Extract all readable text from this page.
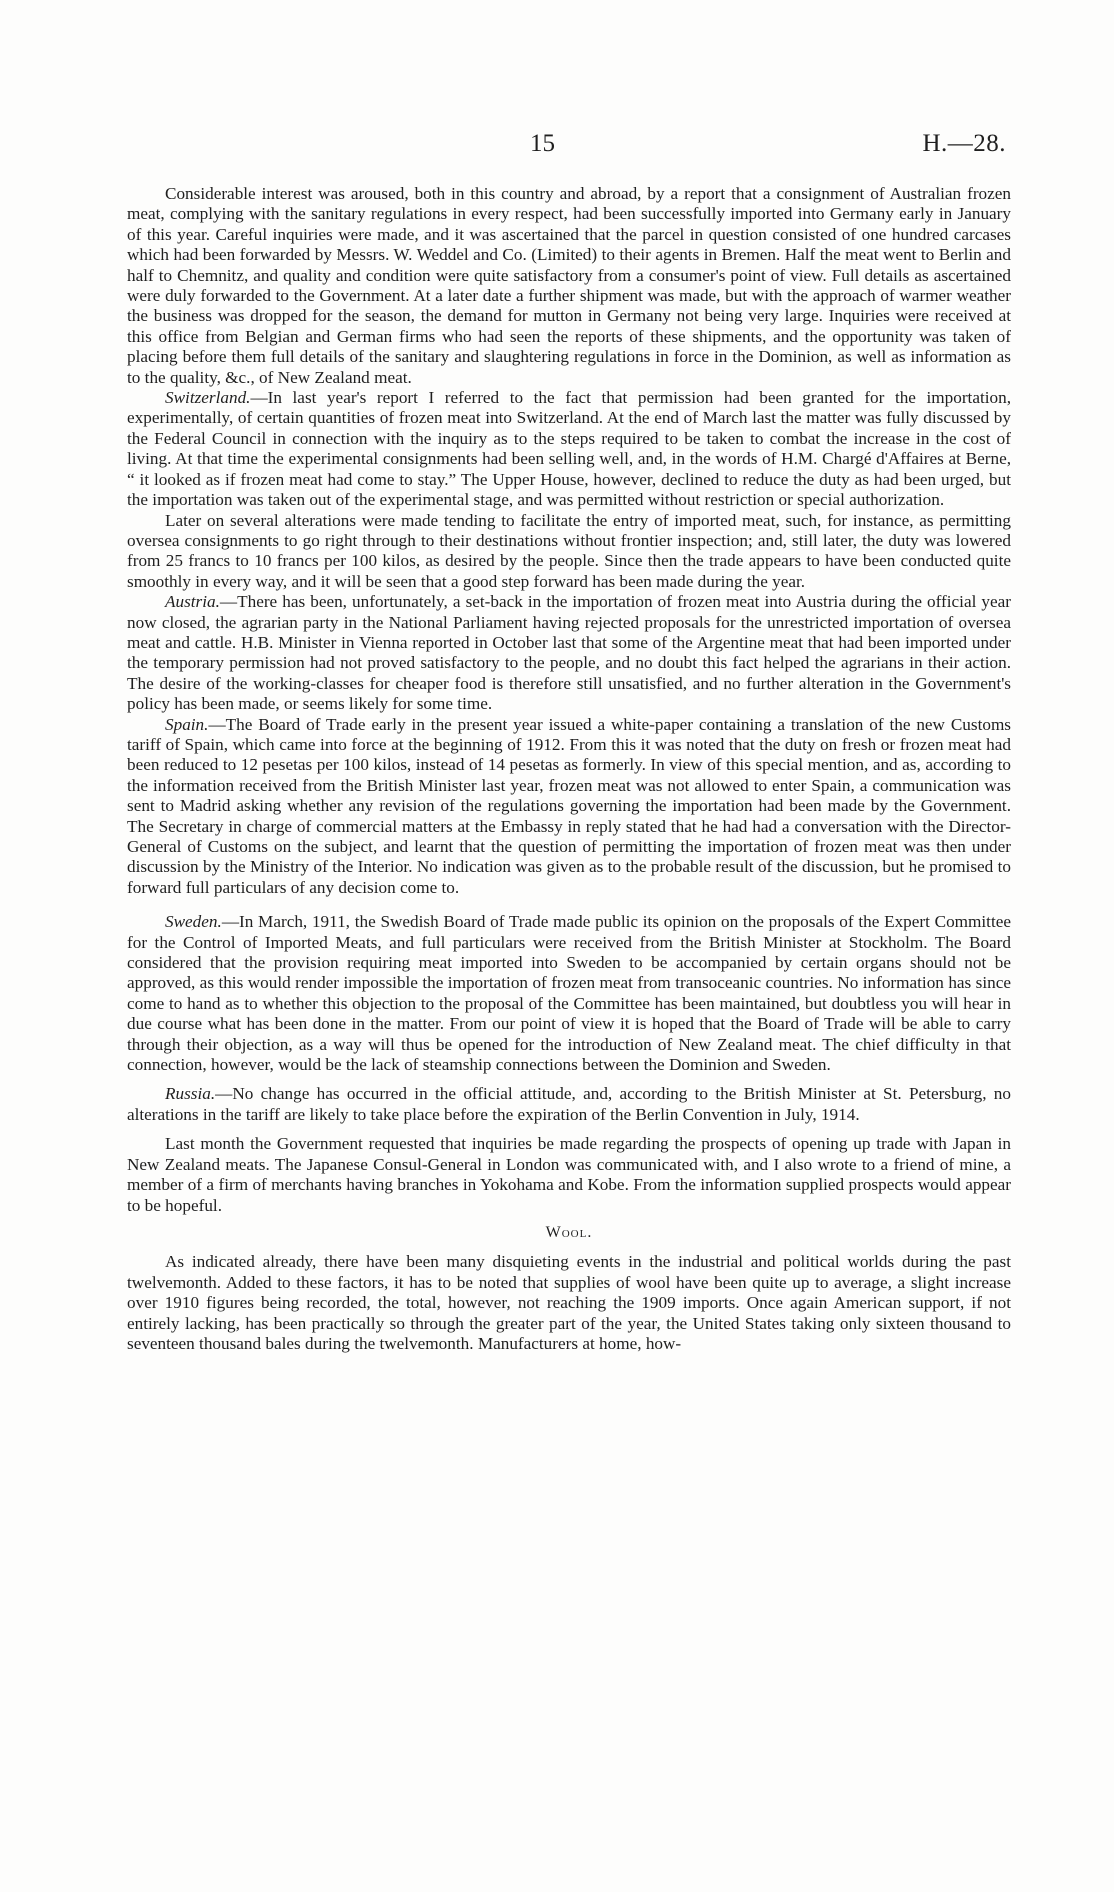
15	H.—28.

Considerable interest was aroused, both in this country and abroad, by a report that a consignment of Australian frozen meat, complying with the sanitary regulations in every respect, had been successfully imported into Germany early in January of this year. Careful inquiries were made, and it was ascertained that the parcel in question consisted of one hundred carcases which had been forwarded by Messrs. W. Weddel and Co. (Limited) to their agents in Bremen. Half the meat went to Berlin and half to Chemnitz, and quality and condition were quite satisfactory from a consumer's point of view. Full details as ascertained were duly forwarded to the Government. At a later date a further shipment was made, but with the approach of warmer weather the business was dropped for the season, the demand for mutton in Germany not being very large. Inquiries were received at this office from Belgian and German firms who had seen the reports of these shipments, and the opportunity was taken of placing before them full details of the sanitary and slaughtering regulations in force in the Dominion, as well as information as to the quality, &c., of New Zealand meat.

Switzerland.—In last year's report I referred to the fact that permission had been granted for the importation, experimentally, of certain quantities of frozen meat into Switzerland. At the end of March last the matter was fully discussed by the Federal Council in connection with the inquiry as to the steps required to be taken to combat the increase in the cost of living. At that time the experimental consignments had been selling well, and, in the words of H.M. Chargé d'Affaires at Berne, “ it looked as if frozen meat had come to stay.” The Upper House, however, declined to reduce the duty as had been urged, but the importation was taken out of the experimental stage, and was permitted without restriction or special authorization.

Later on several alterations were made tending to facilitate the entry of imported meat, such, for instance, as permitting oversea consignments to go right through to their destinations without frontier inspection; and, still later, the duty was lowered from 25 francs to 10 francs per 100 kilos, as desired by the people. Since then the trade appears to have been conducted quite smoothly in every way, and it will be seen that a good step forward has been made during the year.

Austria.—There has been, unfortunately, a set-back in the importation of frozen meat into Austria during the official year now closed, the agrarian party in the National Parliament having rejected proposals for the unrestricted importation of oversea meat and cattle. H.B. Minister in Vienna reported in October last that some of the Argentine meat that had been imported under the temporary permission had not proved satisfactory to the people, and no doubt this fact helped the agrarians in their action. The desire of the working-classes for cheaper food is therefore still unsatisfied, and no further alteration in the Government's policy has been made, or seems likely for some time.

Spain.—The Board of Trade early in the present year issued a white-paper containing a translation of the new Customs tariff of Spain, which came into force at the beginning of 1912. From this it was noted that the duty on fresh or frozen meat had been reduced to 12 pesetas per 100 kilos, instead of 14 pesetas as formerly. In view of this special mention, and as, according to the information received from the British Minister last year, frozen meat was not allowed to enter Spain, a communication was sent to Madrid asking whether any revision of the regulations governing the importation had been made by the Government. The Secretary in charge of commercial matters at the Embassy in reply stated that he had had a conversation with the Director-General of Customs on the subject, and learnt that the question of permitting the importation of frozen meat was then under discussion by the Ministry of the Interior. No indication was given as to the probable result of the discussion, but he promised to forward full particulars of any decision come to.

Sweden.—In March, 1911, the Swedish Board of Trade made public its opinion on the proposals of the Expert Committee for the Control of Imported Meats, and full particulars were received from the British Minister at Stockholm. The Board considered that the provision requiring meat imported into Sweden to be accompanied by certain organs should not be approved, as this would render impossible the importation of frozen meat from transoceanic countries. No information has since come to hand as to whether this objection to the proposal of the Committee has been maintained, but doubtless you will hear in due course what has been done in the matter. From our point of view it is hoped that the Board of Trade will be able to carry through their objection, as a way will thus be opened for the introduction of New Zealand meat. The chief difficulty in that connection, however, would be the lack of steamship connections between the Dominion and Sweden.

Russia.—No change has occurred in the official attitude, and, according to the British Minister at St. Petersburg, no alterations in the tariff are likely to take place before the expiration of the Berlin Convention in July, 1914.

Last month the Government requested that inquiries be made regarding the prospects of opening up trade with Japan in New Zealand meats. The Japanese Consul-General in London was communicated with, and I also wrote to a friend of mine, a member of a firm of merchants having branches in Yokohama and Kobe. From the information supplied prospects would appear to be hopeful.

Wool.

As indicated already, there have been many disquieting events in the industrial and political worlds during the past twelvemonth. Added to these factors, it has to be noted that supplies of wool have been quite up to average, a slight increase over 1910 figures being recorded, the total, however, not reaching the 1909 imports. Once again American support, if not entirely lacking, has been practically so through the greater part of the year, the United States taking only sixteen thousand to seventeen thousand bales during the twelvemonth. Manufacturers at home, how-
